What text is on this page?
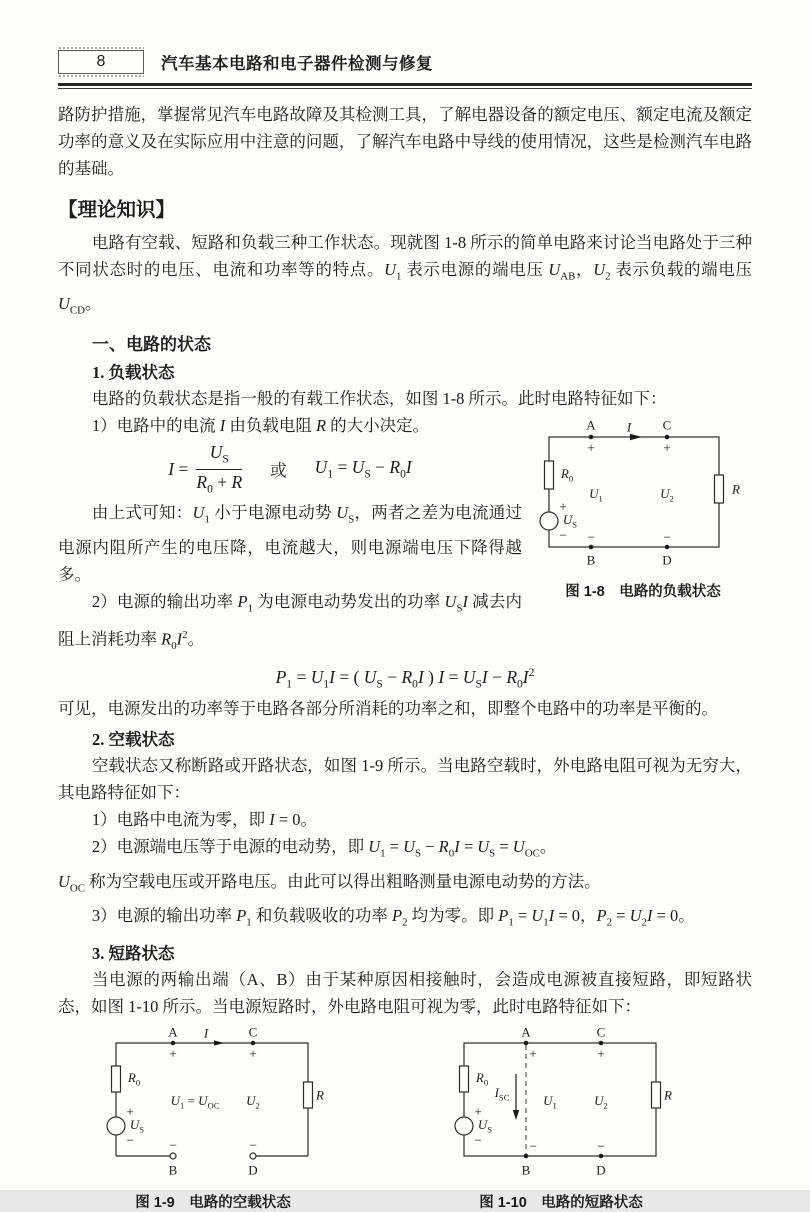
8	汽车基本电路和电子器件检测与修复

路防护措施，掌握常见汽车电路故障及其检测工具，了解电器设备的额定电压、额定电流及额定功率的意义及在实际应用中注意的问题，了解汽车电路中导线的使用情况，这些是检测汽车电路的基础。

【理论知识】

电路有空载、短路和负载三种工作状态。现就图 1-8 所示的简单电路来讨论当电路处于三种不同状态时的电压、电流和功率等的特点。$U_1$ 表示电源的端电压 $U_{AB}$，$U_2$ 表示负载的端电压 $U_{CD}$。

一、电路的状态
1. 负载状态

电路的负载状态是指一般的有载工作状态，如图 1-8 所示。此时电路特征如下：

1）电路中的电流 I 由负载电阻 R 的大小决定。	A	C
I
+	+
$R_0$
$U_1$	$U_2$
R
+
$U_S$
− −	−
B	D
图 1-8　电路的负载状态
$I = \frac{U_S}{R_0 + R}$ 或 $U_1 = U_S - R_0I$

由上式可知：$U_1$ 小于电源电动势 $U_S$，两者之差为电流通过电源内阻所产生的电压降，电流越大，则电源端电压下降得越多。

2）电源的输出功率 $P_1$ 为电源电动势发出的功率 $U_SI$ 减去内阻上消耗功率 $R_0I^2$。

$P_1 = U_1I$ = ( $U_S - R_0I$ ) $I = U_SI - R_0I^2$

可见，电源发出的功率等于电路各部分所消耗的功率之和，即整个电路中的功率是平衡的。

2. 空载状态

空载状态又称断路或开路状态，如图 1-9 所示。当电路空载时，外电路电阻可视为无穷大，其电路特征如下：

1）电路中电流为零，即 I = 0。

2）电源端电压等于电源的电动势，即 $U_1 = U_S - R_0I = U_S = U_{OC}$。

$U_{OC}$ 称为空载电压或开路电压。由此可以得出粗略测量电源电动势的方法。

3）电源的输出功率 $P_1$ 和负载吸收的功率 $P_2$ 均为零。即 $P_1 = U_1I = 0$，$P_2 = U_2I = 0$。

3. 短路状态

当电源的两输出端（A、B）由于某种原因相接触时，会造成电源被直接短路，即短路状态，如图 1-10 所示。当电源短路时，外电路电阻可视为零，此时电路特征如下：

A	C
I
+	+
$R_0$
$U_1 = U_{OC}$ $U_2$
R
+
$U_S$
−	−	−
B	D
图 1-9　电路的空载状态
A	C
+	+
$R_0$
$I_{SC}$	$U_1$	$U_2$
R
+
$U_S$
−	−	−
B	D
图 1-10　电路的短路状态
